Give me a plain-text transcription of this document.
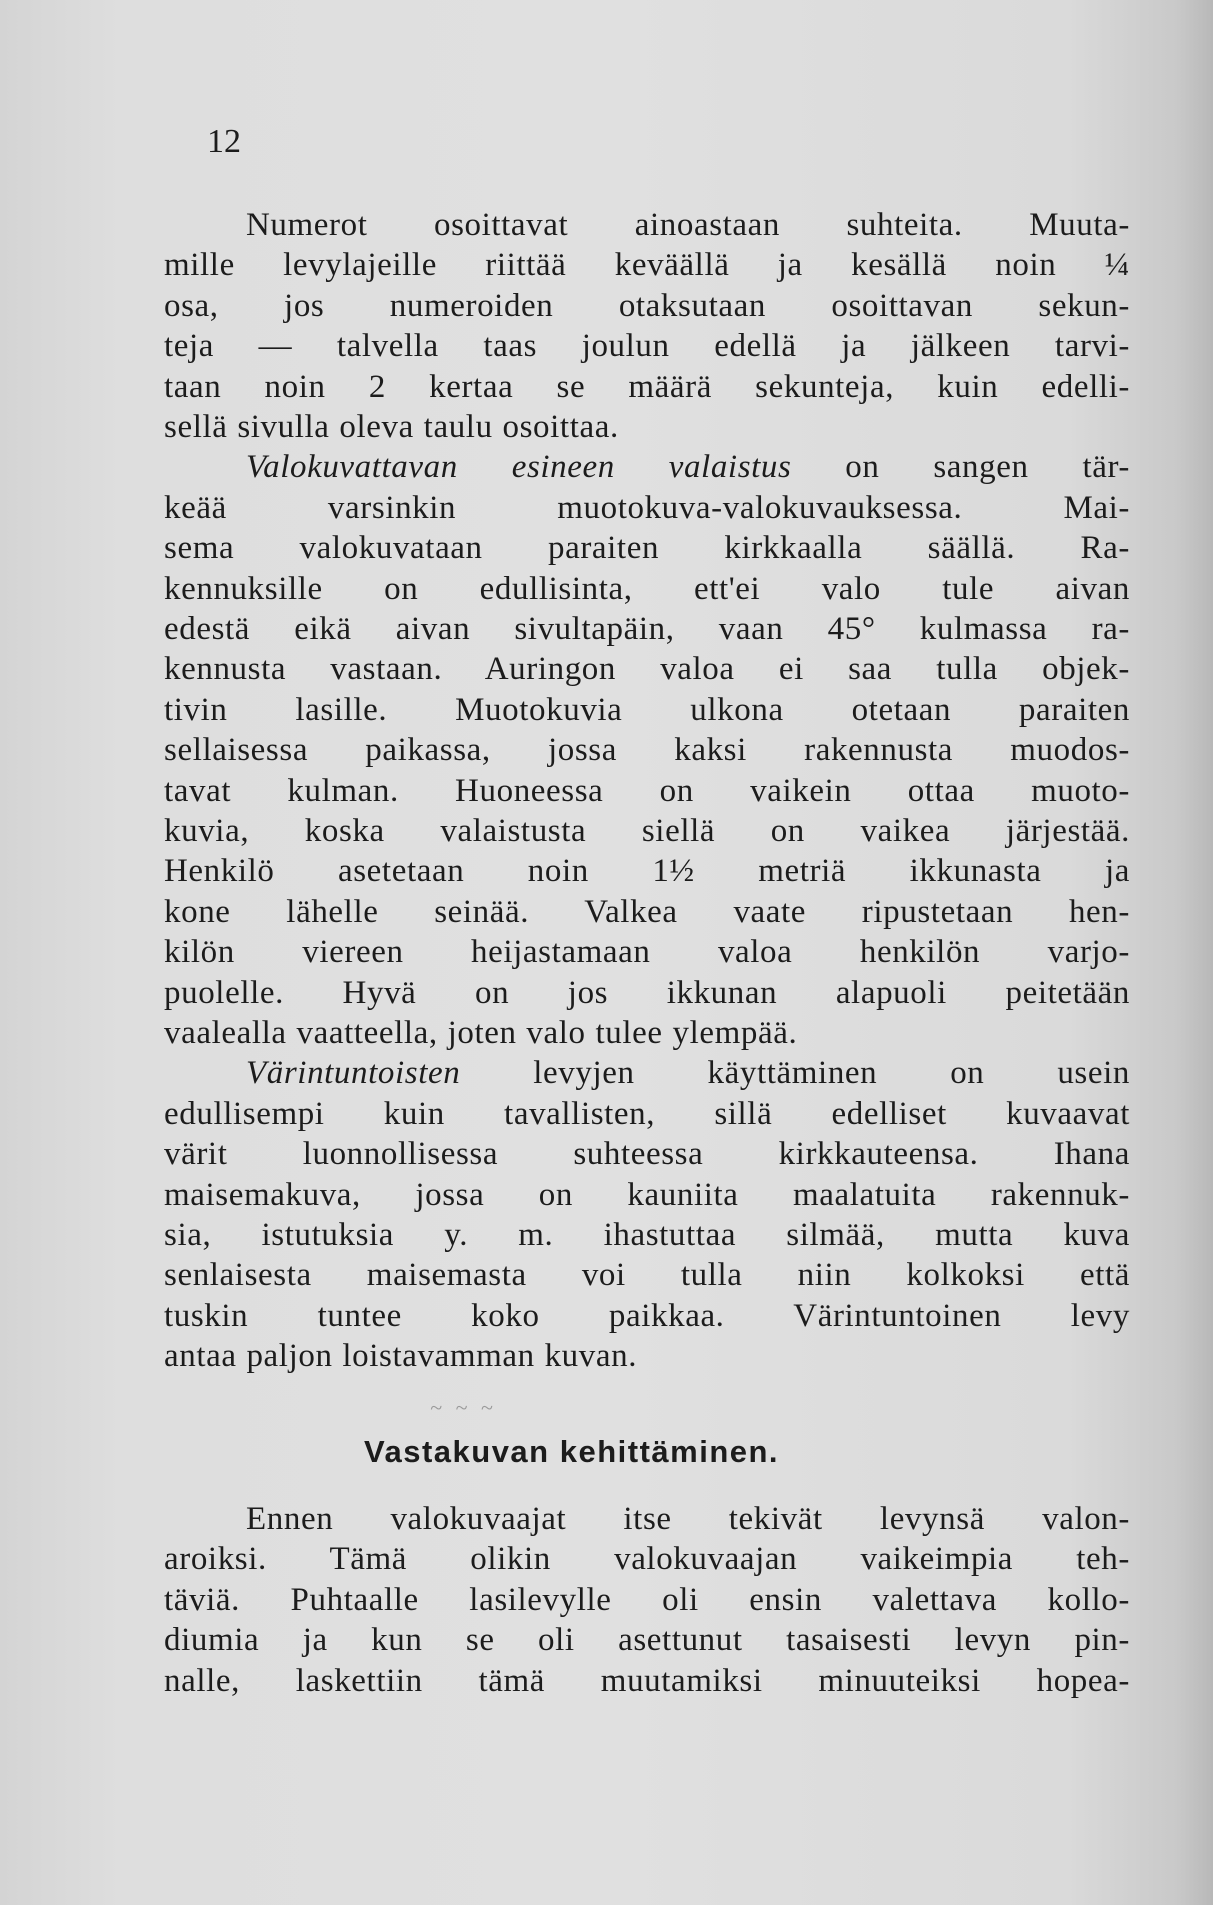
12
Numerot osoittavat ainoastaan suhteita. Muuta-
mille levylajeille riittää keväällä ja kesällä noin ¼
osa, jos numeroiden otaksutaan osoittavan sekun-
teja — talvella taas joulun edellä ja jälkeen tarvi-
taan noin 2 kertaa se määrä sekunteja, kuin edelli-
sellä sivulla oleva taulu osoittaa.
Valokuvattavan esineen valaistus on sangen tär-
keää varsinkin muotokuva-valokuvauksessa. Mai-
sema valokuvataan paraiten kirkkaalla säällä. Ra-
kennuksille on edullisinta, ett'ei valo tule aivan
edestä eikä aivan sivultapäin, vaan 45° kulmassa ra-
kennusta vastaan. Auringon valoa ei saa tulla objek-
tivin lasille. Muotokuvia ulkona otetaan paraiten
sellaisessa paikassa, jossa kaksi rakennusta muodos-
tavat kulman. Huoneessa on vaikein ottaa muoto-
kuvia, koska valaistusta siellä on vaikea järjestää.
Henkilö asetetaan noin 1½ metriä ikkunasta ja
kone lähelle seinää. Valkea vaate ripustetaan hen-
kilön viereen heijastamaan valoa henkilön varjo-
puolelle. Hyvä on jos ikkunan alapuoli peitetään
vaalealla vaatteella, joten valo tulee ylempää.
Värintuntoisten levyjen käyttäminen on usein
edullisempi kuin tavallisten, sillä edelliset kuvaavat
värit luonnollisessa suhteessa kirkkauteensa. Ihana
maisemakuva, jossa on kauniita maalatuita rakennuk-
sia, istutuksia y. m. ihastuttaa silmää, mutta kuva
senlaisesta maisemasta voi tulla niin kolkoksi että
tuskin tuntee koko paikkaa. Värintuntoinen levy
antaa paljon loistavamman kuvan.
~ ~ ~
Vastakuvan kehittäminen.
Ennen valokuvaajat itse tekivät levynsä valon-
aroiksi. Tämä olikin valokuvaajan vaikeimpia teh-
täviä. Puhtaalle lasilevylle oli ensin valettava kollo-
diumia ja kun se oli asettunut tasaisesti levyn pin-
nalle, laskettiin tämä muutamiksi minuuteiksi hopea-
